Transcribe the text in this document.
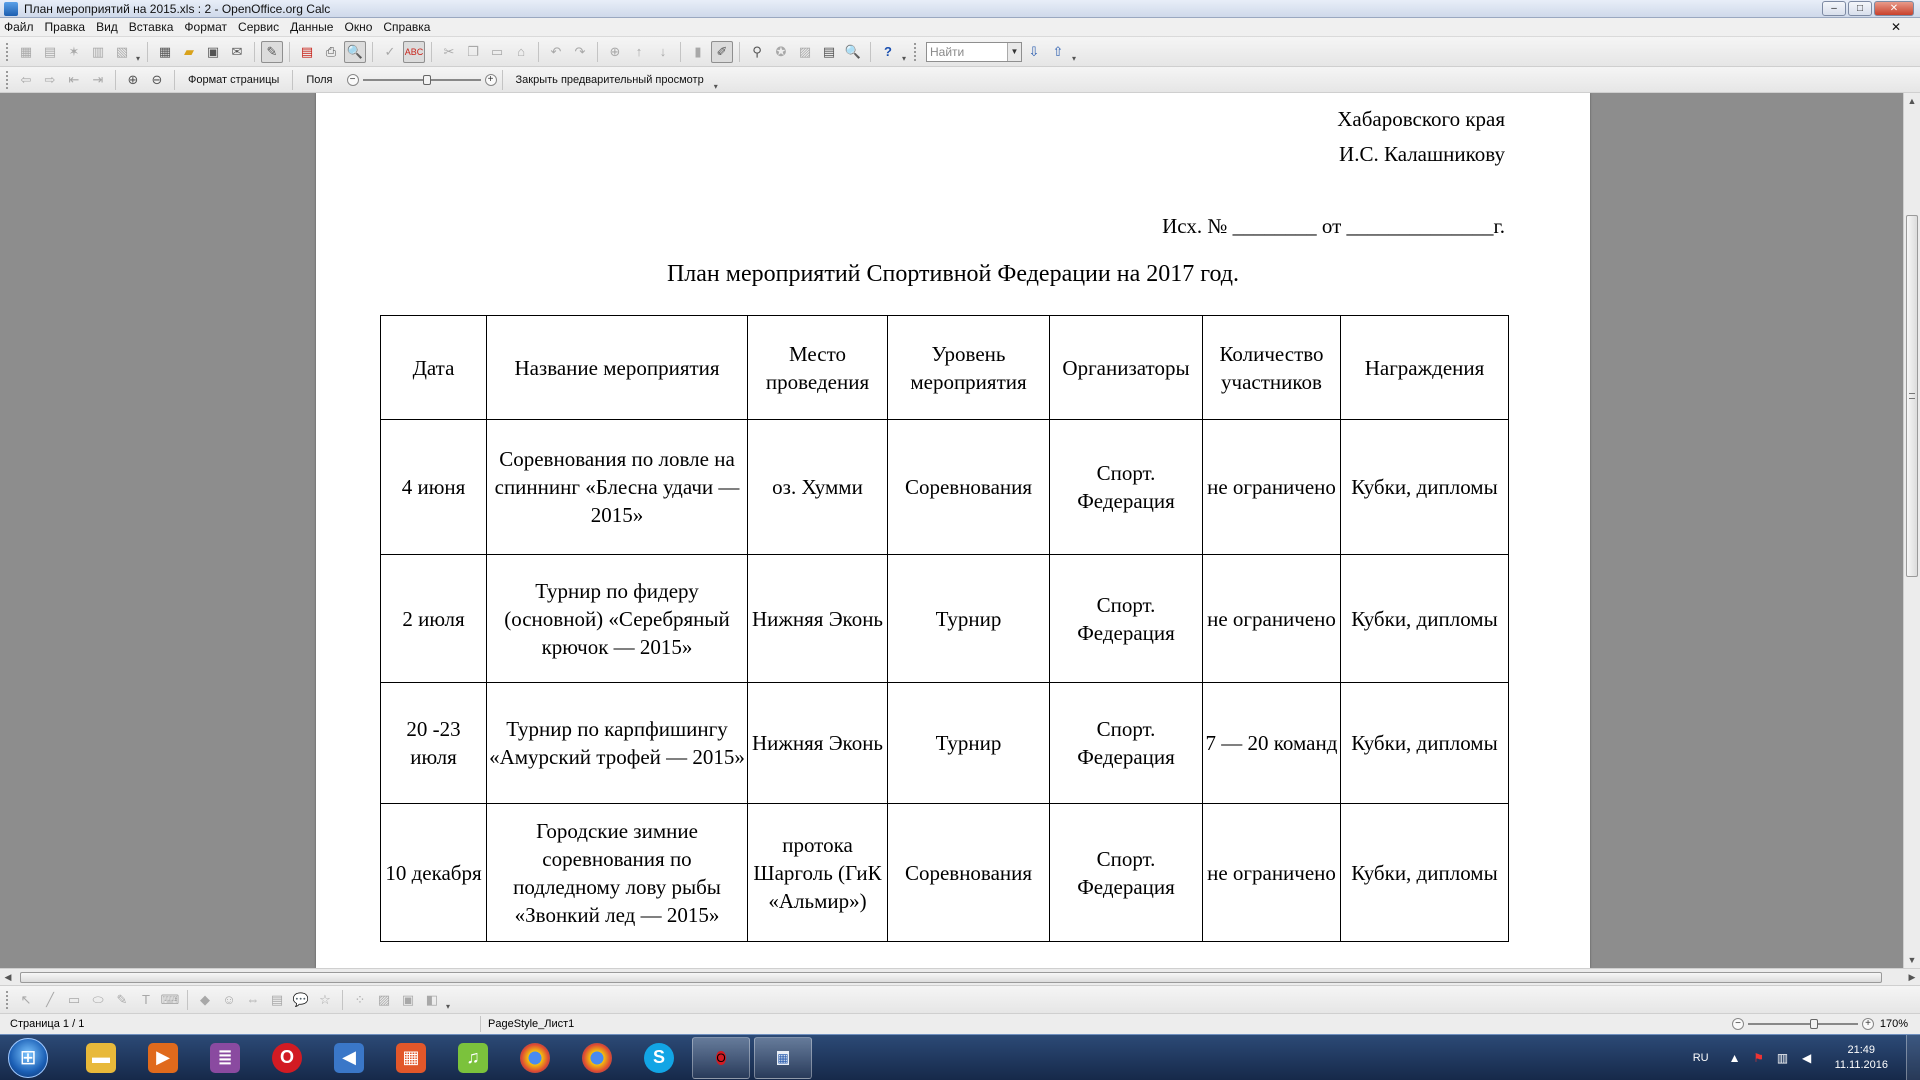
План мероприятий на 2015.xls : 2 - OpenOffice.org Calc	–	□	✕
Файл Правка Вид Вставка Формат Сервис Данные Окно Справка	✕
▦ ▤ ✶ ▥ ▧ ▾	▦ ▰ ▣ ✉	✎	▤ ⎙ 🔍	✓	ABC	✂ ❐ ▭	⌂	↶	↷	⊕	↑	↓	▮	✐	⚲	✪ ▨ ▤ 🔍	?	▾	Найти	▼ ⇩	⇧	▾
⇦	⇨	⇤	⇥	⊕	⊖	Формат страницы Поля	−	+ Закрыть предварительный просмотр
▾
Хабаровского края
И.С. Калашникову
Исх. № ________ от ______________г.
План мероприятий Спортивной Федерации на 2017 год.
Дата	Название мероприятия	Место проведения	Уровень мероприятия	Организаторы	Количество участников	Награждения
4 июня	Соревнования по ловле на спиннинг «Блесна удачи — 2015»	оз. Хумми	Соревнования	Спорт. Федерация	не ограничено	Кубки, дипломы
2 июля	Турнир по фидеру (основной) «Серебряный крючок — 2015»	Нижняя Эконь	Турнир	Спорт. Федерация	не ограничено	Кубки, дипломы
20 -23 июля	Турнир по карпфишингу «Амурский трофей — 2015»	Нижняя Эконь	Турнир	Спорт. Федерация	7 — 20 команд	Кубки, дипломы
10 декабря	Городские зимние соревнования по подледному лову рыбы «Звонкий лед — 2015»	протока Шарголь (ГиК «Альмир»)	Соревнования	Спорт. Федерация	не ограничено	Кубки, дипломы
▲
▼
◀	▶
↖	╱	▭ ⬭	✎	T ⌨	◆ ☺ ⇔ ▤ 💬 ☆	⁘ ▨ ▣ ◧ ▾
Страница 1 / 1	PageStyle_Лист1	−	+ 170%
⊞	▬	▶	≣	O	◀	▦	♫	S	O	▦	RU ▲ ⚑ ▥ ◀
21:49
11.11.2016
